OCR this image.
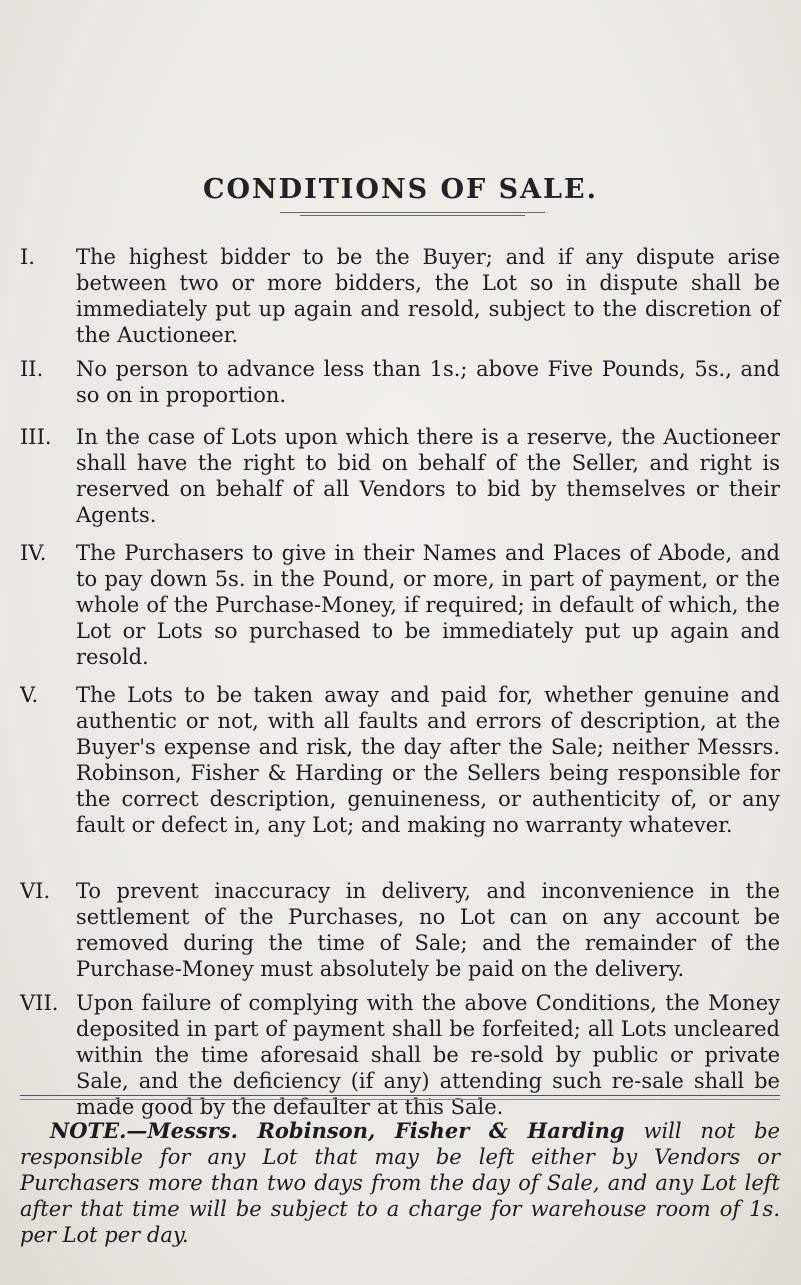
CONDITIONS OF SALE.
I.	The highest bidder to be the Buyer; and if any dispute arise between two or more bidders, the Lot so in dispute shall be immediately put up again and resold, subject to the discretion of the Auctioneer.
II.	No person to advance less than 1s.; above Five Pounds, 5s., and so on in proportion.
III.	In the case of Lots upon which there is a reserve, the Auctioneer shall have the right to bid on behalf of the Seller, and right is reserved on behalf of all Vendors to bid by themselves or their Agents.
IV.	The Purchasers to give in their Names and Places of Abode, and to pay down 5s. in the Pound, or more, in part of payment, or the whole of the Purchase-Money, if required; in default of which, the Lot or Lots so purchased to be immediately put up again and resold.
V.	The Lots to be taken away and paid for, whether genuine and authentic or not, with all faults and errors of description, at the Buyer's expense and risk, the day after the Sale; neither Messrs. Robinson, Fisher & Harding or the Sellers being responsible for the correct description, genuineness, or authenticity of, or any fault or defect in, any Lot; and making no warranty whatever.
VI.	To prevent inaccuracy in delivery, and inconvenience in the settlement of the Purchases, no Lot can on any account be removed during the time of Sale; and the remainder of the Purchase-Money must absolutely be paid on the delivery.
VII. Upon failure of complying with the above Conditions, the Money deposited in part of payment shall be forfeited; all Lots uncleared within the time aforesaid shall be re-sold by public or private Sale, and the deficiency (if any) attending such re-sale shall be made good by the defaulter at this Sale.
NOTE.—Messrs. Robinson, Fisher & Harding will not be responsible for any Lot that may be left either by Vendors or Purchasers more than two days from the day of Sale, and any Lot left after that time will be subject to a charge for warehouse room of 1s. per Lot per day.
